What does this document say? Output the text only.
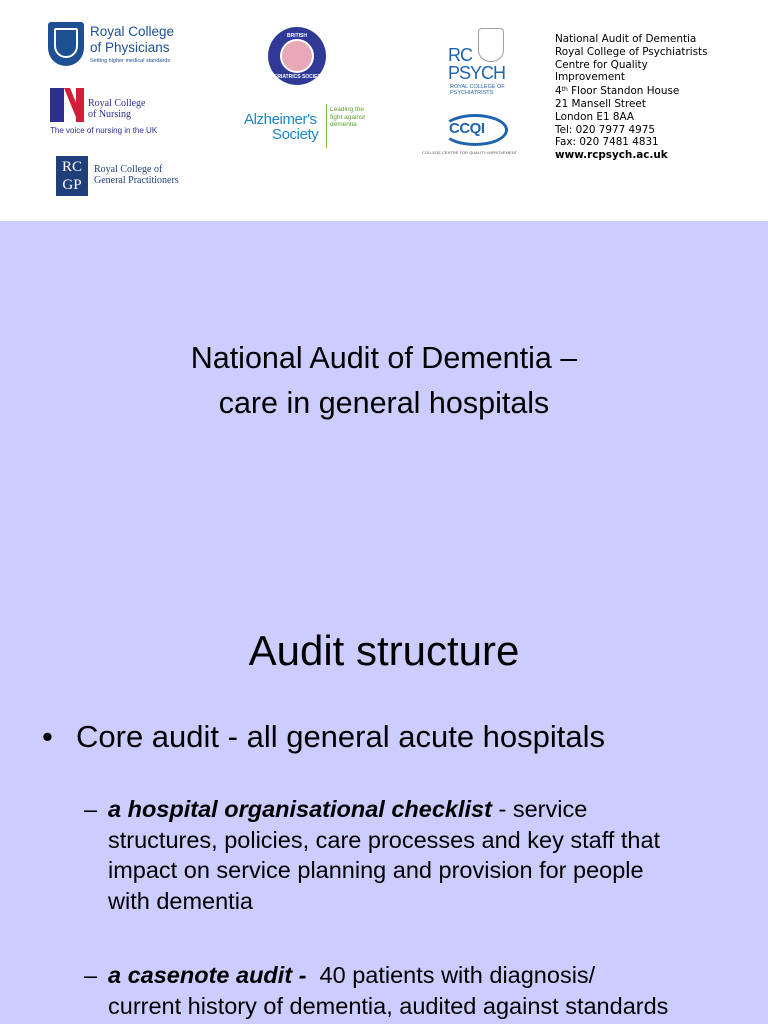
Royal College
of Physicians
Setting higher medical standards
Royal College
of Nursing
The voice of nursing in the UK
RC
GP
Royal College of
General Practitioners
BRITISH
GERIATRICS SOCIETY
Alzheimer's
Society
Leading the
fight against
dementia
RC
PSYCH
ROYAL COLLEGE OF
PSYCHIATRISTS
CCQI
COLLEGE CENTRE FOR QUALITY IMPROVEMENT
National Audit of Dementia
Royal College of Psychiatrists
Centre for Quality
Improvement
4th Floor Standon House
21 Mansell Street
London E1 8AA
Tel: 020 7977 4975
Fax: 020 7481 4831
www.rcpsych.ac.uk
National Audit of Dementia –
care in general hospitals
Audit structure
• Core audit - all general acute hospitals
– a hospital organisational checklist - service
structures, policies, care processes and key staff that
impact on service planning and provision for people
with dementia
– a casenote audit -  40 patients with diagnosis/
current history of dementia, audited against standards
